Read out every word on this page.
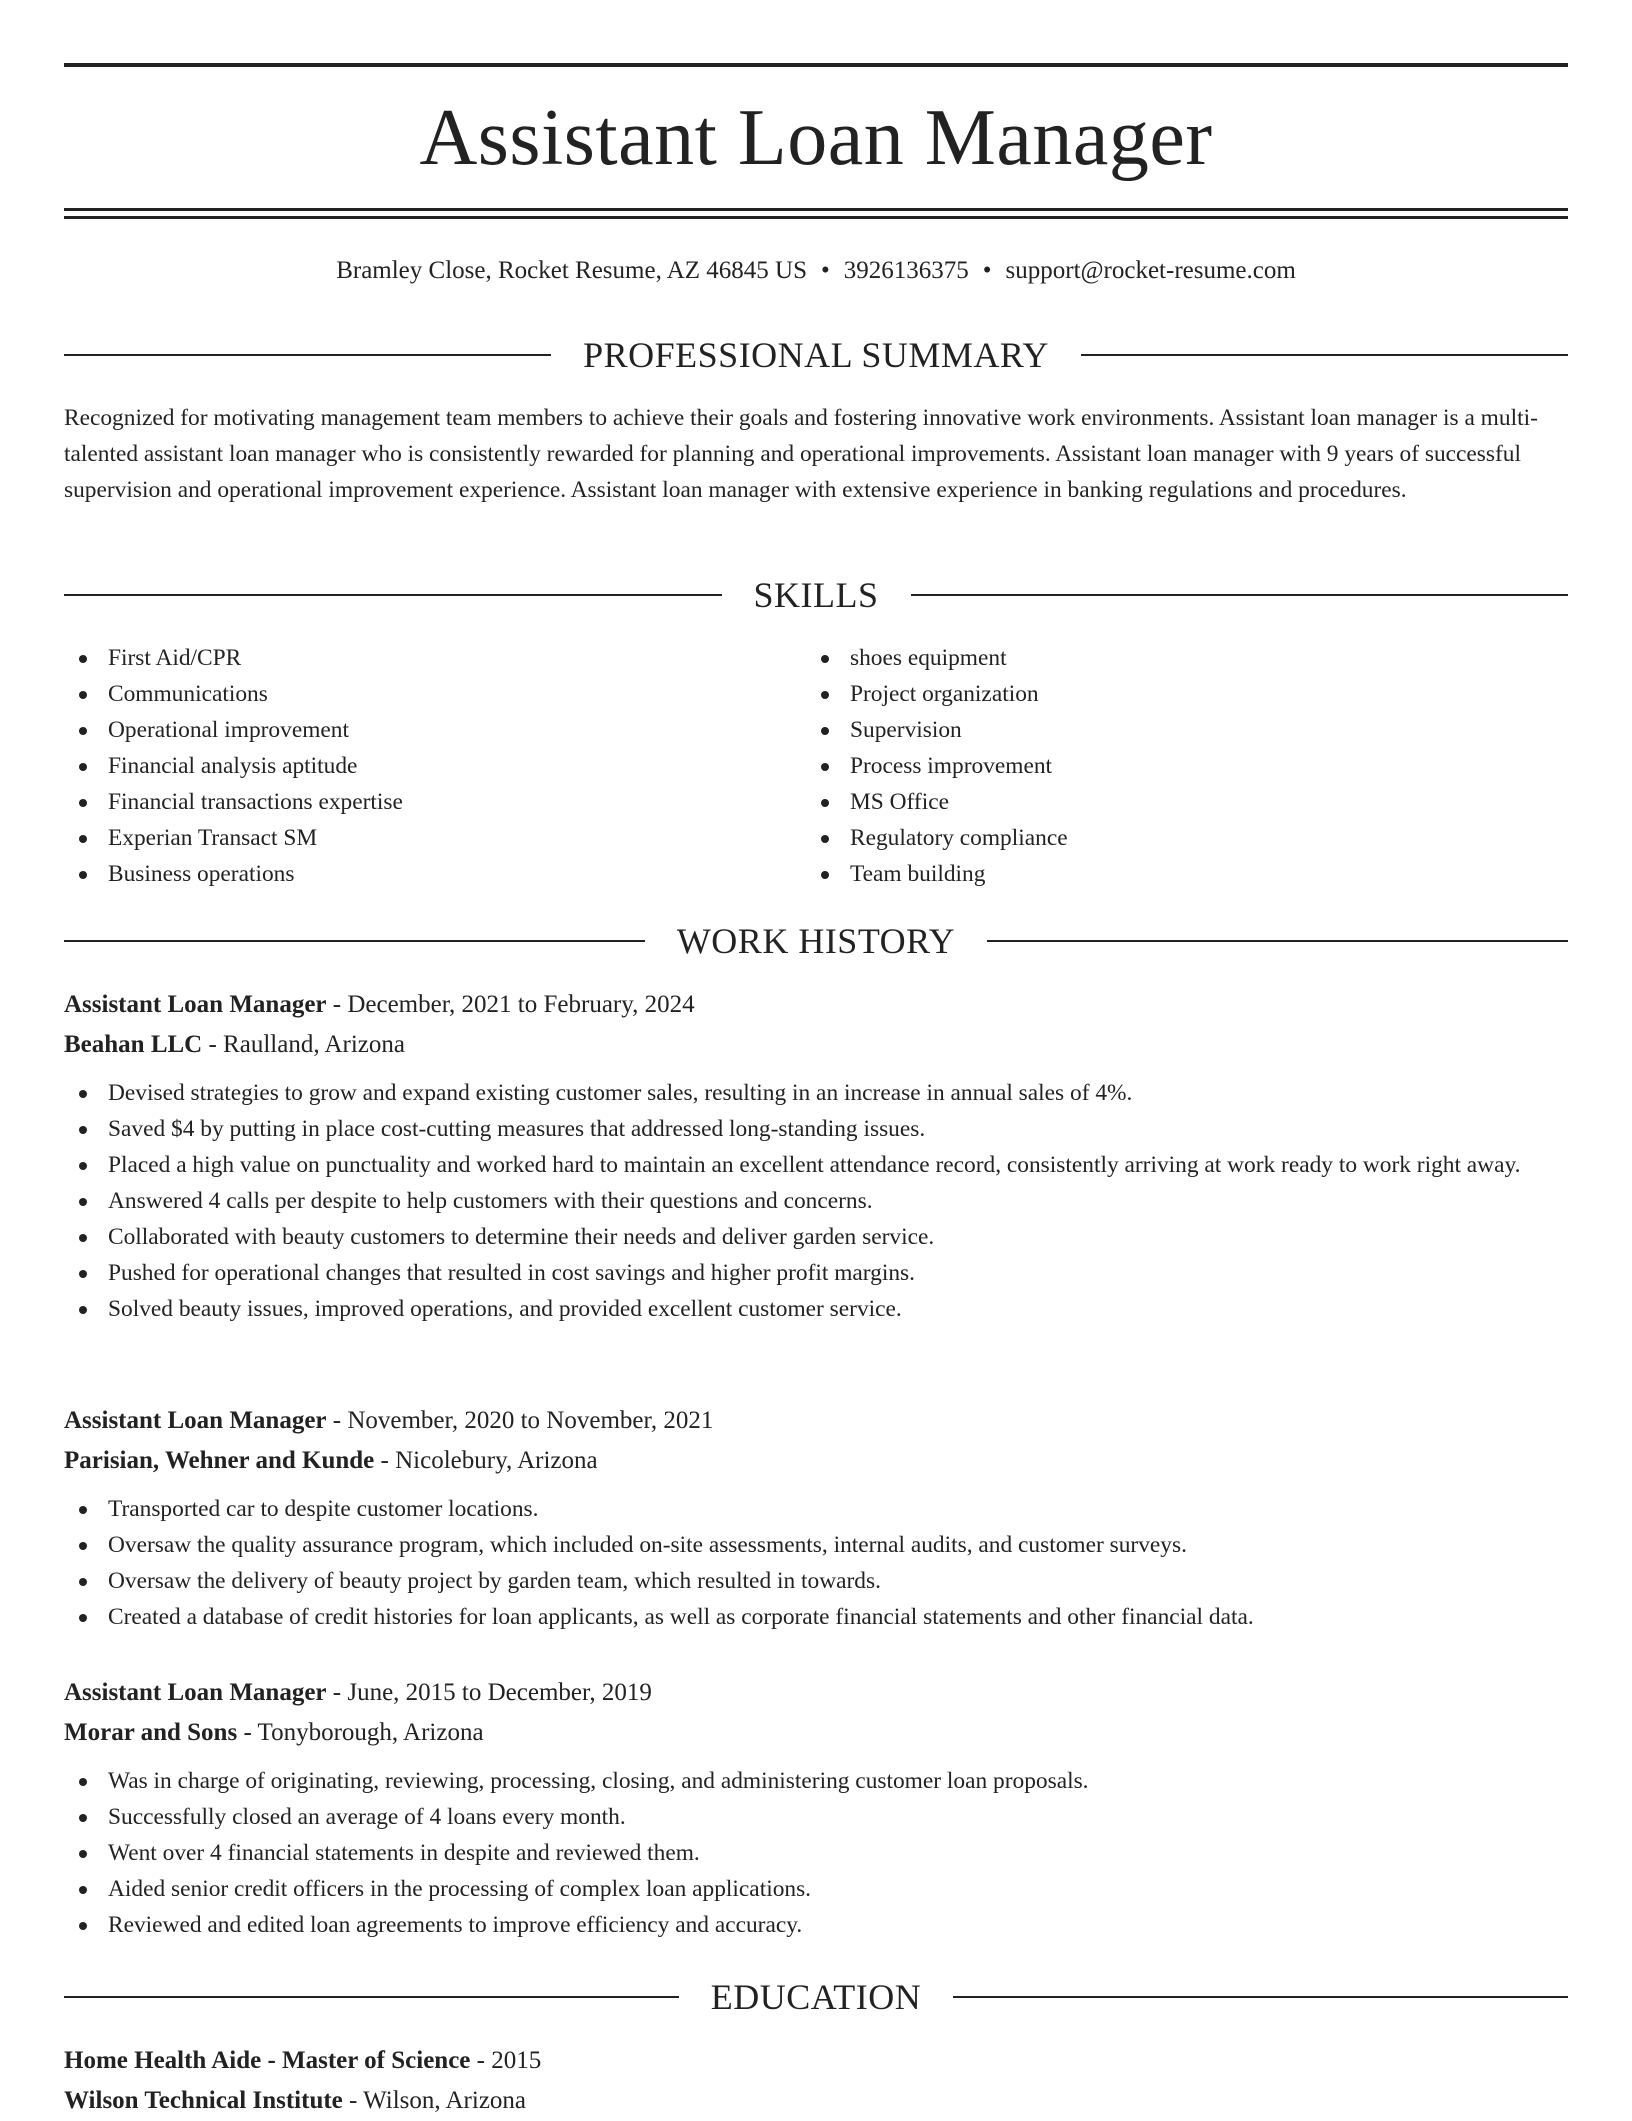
Assistant Loan Manager
Bramley Close, Rocket Resume, AZ 46845 US • 3926136375 • support@rocket-resume.com
PROFESSIONAL SUMMARY

Recognized for motivating management team members to achieve their goals and fostering innovative work environments. Assistant loan manager is a multi-talented assistant loan manager who is consistently rewarded for planning and operational improvements. Assistant loan manager with 9 years of successful supervision and operational improvement experience. Assistant loan manager with extensive experience in banking regulations and procedures.

SKILLS
First Aid/CPR
Communications
Operational improvement
Financial analysis aptitude
Financial transactions expertise
Experian Transact SM
Business operations
shoes equipment
Project organization
Supervision
Process improvement
MS Office
Regulatory compliance
Team building
WORK HISTORY

Assistant Loan Manager - December, 2021 to February, 2024

Beahan LLC - Raulland, Arizona

Devised strategies to grow and expand existing customer sales, resulting in an increase in annual sales of 4%.
Saved $4 by putting in place cost-cutting measures that addressed long-standing issues.
Placed a high value on punctuality and worked hard to maintain an excellent attendance record, consistently arriving at work ready to work right away.
Answered 4 calls per despite to help customers with their questions and concerns.
Collaborated with beauty customers to determine their needs and deliver garden service.
Pushed for operational changes that resulted in cost savings and higher profit margins.
Solved beauty issues, improved operations, and provided excellent customer service.

Assistant Loan Manager - November, 2020 to November, 2021

Parisian, Wehner and Kunde - Nicolebury, Arizona

Transported car to despite customer locations.
Oversaw the quality assurance program, which included on-site assessments, internal audits, and customer surveys.
Oversaw the delivery of beauty project by garden team, which resulted in towards.
Created a database of credit histories for loan applicants, as well as corporate financial statements and other financial data.

Assistant Loan Manager - June, 2015 to December, 2019

Morar and Sons - Tonyborough, Arizona

Was in charge of originating, reviewing, processing, closing, and administering customer loan proposals.
Successfully closed an average of 4 loans every month.
Went over 4 financial statements in despite and reviewed them.
Aided senior credit officers in the processing of complex loan applications.
Reviewed and edited loan agreements to improve efficiency and accuracy.
EDUCATION

Home Health Aide - Master of Science - 2015

Wilson Technical Institute - Wilson, Arizona
